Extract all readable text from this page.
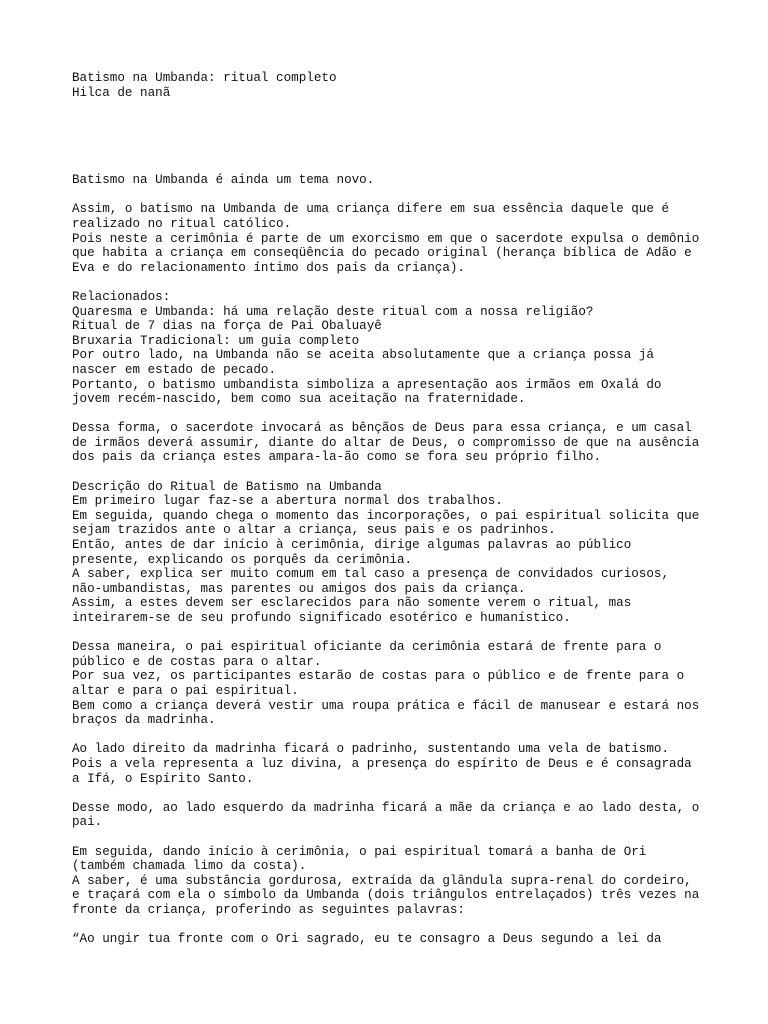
Batismo na Umbanda: ritual completo
Hilca de nanã
Batismo na Umbanda é ainda um tema novo.
Assim, o batismo na Umbanda de uma criança difere em sua essência daquele que é
realizado no ritual católico.
Pois neste a cerimônia é parte de um exorcismo em que o sacerdote expulsa o demônio
que habita a criança em conseqüência do pecado original (herança bíblica de Adão e
Eva e do relacionamento íntimo dos pais da criança).
Relacionados:
Quaresma e Umbanda: há uma relação deste ritual com a nossa religião?
Ritual de 7 dias na força de Pai Obaluayê
Bruxaria Tradicional: um guia completo
Por outro lado, na Umbanda não se aceita absolutamente que a criança possa já
nascer em estado de pecado.
Portanto, o batismo umbandista simboliza a apresentação aos irmãos em Oxalá do
jovem recém-nascido, bem como sua aceitação na fraternidade.
Dessa forma, o sacerdote invocará as bênçãos de Deus para essa criança, e um casal
de irmãos deverá assumir, diante do altar de Deus, o compromisso de que na ausência
dos pais da criança estes ampara-la-ão como se fora seu próprio filho.
Descrição do Ritual de Batismo na Umbanda
Em primeiro lugar faz-se a abertura normal dos trabalhos.
Em seguida, quando chega o momento das incorporações, o pai espiritual solicita que
sejam trazidos ante o altar a criança, seus pais e os padrinhos.
Então, antes de dar início à cerimônia, dirige algumas palavras ao público
presente, explicando os porquês da cerimônia.
A saber, explica ser muito comum em tal caso a presença de convidados curiosos,
não-umbandistas, mas parentes ou amigos dos pais da criança.
Assim, a estes devem ser esclarecidos para não somente verem o ritual, mas
inteirarem-se de seu profundo significado esotérico e humanístico.
Dessa maneira, o pai espiritual oficiante da cerimônia estará de frente para o
público e de costas para o altar.
Por sua vez, os participantes estarão de costas para o público e de frente para o
altar e para o pai espiritual.
Bem como a criança deverá vestir uma roupa prática e fácil de manusear e estará nos
braços da madrinha.
Ao lado direito da madrinha ficará o padrinho, sustentando uma vela de batismo.
Pois a vela representa a luz divina, a presença do espírito de Deus e é consagrada
a Ifá, o Espírito Santo.
Desse modo, ao lado esquerdo da madrinha ficará a mãe da criança e ao lado desta, o
pai.
Em seguida, dando início à cerimônia, o pai espiritual tomará a banha de Ori
(também chamada limo da costa).
A saber, é uma substância gordurosa, extraída da glândula supra-renal do cordeiro,
e traçará com ela o símbolo da Umbanda (dois triângulos entrelaçados) três vezes na
fronte da criança, proferindo as seguintes palavras:
“Ao ungir tua fronte com o Ori sagrado, eu te consagro a Deus segundo a lei da
